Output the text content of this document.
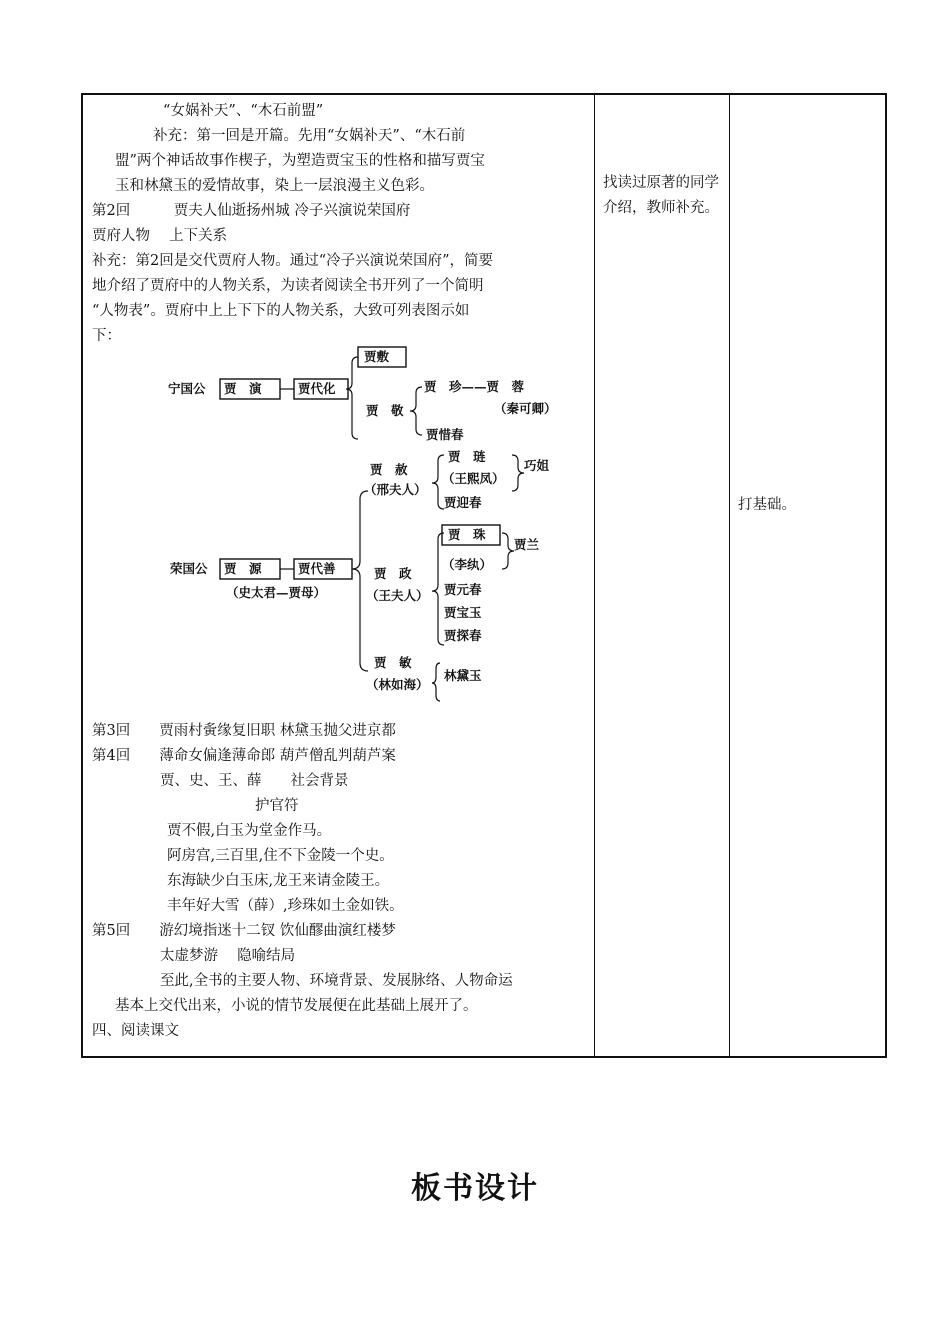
“女娲补天”、“木石前盟”
补充：第一回是开篇。先用“女娲补天”、“木石前
盟”两个神话故事作楔子，为塑造贾宝玉的性格和描写贾宝
玉和林黛玉的爱情故事，染上一层浪漫主义色彩。
第2回　　　贾夫人仙逝扬州城 冷子兴演说荣国府
贾府人物　 上下关系
补充：第2回是交代贾府人物。通过“冷子兴演说荣国府”，简要
地介绍了贾府中的人物关系，为读者阅读全书开列了一个简明
“人物表”。贾府中上上下下的人物关系，大致可列表图示如
下：
宁国公 贾　演	贾代化
贾敷
贾　敬
贾　珍——贾　蓉
（秦可卿）
贾惜春
荣国公 贾　源	贾代善
（史太君—贾母）
贾　赦
（邢夫人）
贾　琏
（王熙凤）
贾迎春
巧姐
贾　政
（王夫人）
贾　珠
（李纨）
贾兰
贾元春
贾宝玉
贾探春
贾　敏
（林如海）
林黛玉
第3回　　贾雨村夤缘复旧职 林黛玉抛父进京都
第4回　　薄命女偏逢薄命郎 葫芦僧乱判葫芦案
贾、史、王、薛　　社会背景
护官符
贾不假,白玉为堂金作马。
阿房宫,三百里,住不下金陵一个史。
东海缺少白玉床,龙王来请金陵王。
丰年好大雪（薛）,珍珠如土金如铁。
第5回　　游幻境指迷十二钗 饮仙醪曲演红楼梦
太虚梦游　 隐喻结局
至此,全书的主要人物、环境背景、发展脉络、人物命运
基本上交代出来，小说的情节发展便在此基础上展开了。
四、阅读课文
找读过原著的同学介绍，教师补充。
打基础。
板书设计
